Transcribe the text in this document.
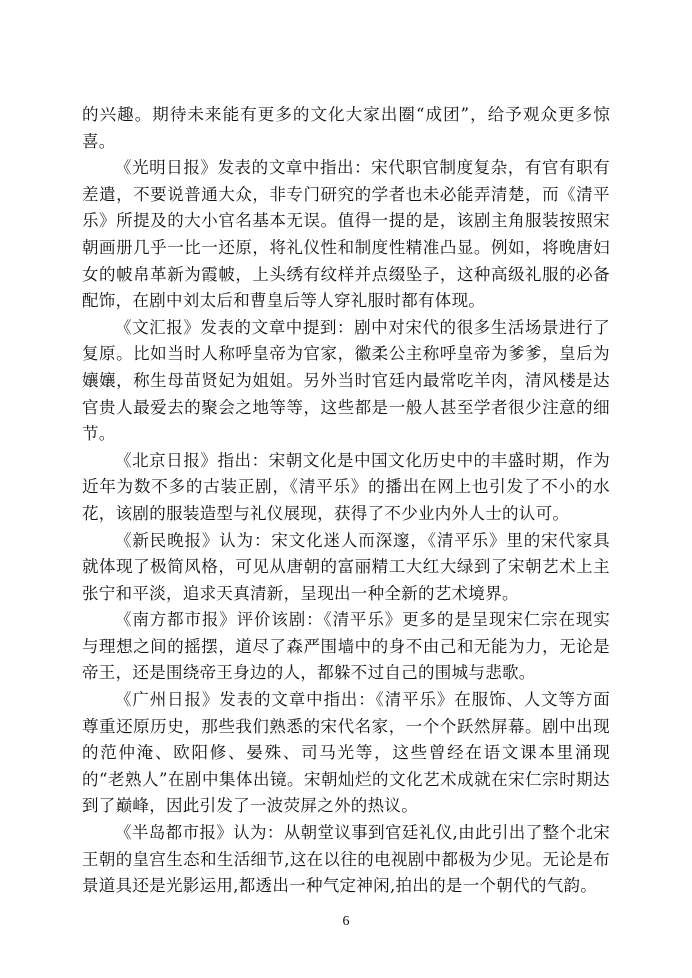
的兴趣。期待未来能有更多的文化大家出圈“成团”，给予观众更多惊喜。

《光明日报》发表的文章中指出：宋代职官制度复杂，有官有职有差遣，不要说普通大众，非专门研究的学者也未必能弄清楚，而《清平乐》所提及的大小官名基本无误。值得一提的是，该剧主角服装按照宋朝画册几乎一比一还原，将礼仪性和制度性精准凸显。例如，将晚唐妇女的帔帛革新为霞帔，上头绣有纹样并点缀坠子，这种高级礼服的必备配饰，在剧中刘太后和曹皇后等人穿礼服时都有体现。

《文汇报》发表的文章中提到：剧中对宋代的很多生活场景进行了复原。比如当时人称呼皇帝为官家，徽柔公主称呼皇帝为爹爹，皇后为孃孃，称生母苗贤妃为姐姐。另外当时官廷内最常吃羊肉，清风楼是达官贵人最爱去的聚会之地等等，这些都是一般人甚至学者很少注意的细节。

《北京日报》指出：宋朝文化是中国文化历史中的丰盛时期，作为近年为数不多的古装正剧，《清平乐》的播出在网上也引发了不小的水花，该剧的服装造型与礼仪展现，获得了不少业内外人士的认可。

《新民晚报》认为：宋文化迷人而深邃，《清平乐》里的宋代家具就体现了极简风格，可见从唐朝的富丽精工大红大绿到了宋朝艺术上主张宁和平淡，追求天真清新，呈现出一种全新的艺术境界。

《南方都市报》评价该剧：《清平乐》更多的是呈现宋仁宗在现实与理想之间的摇摆，道尽了森严围墙中的身不由己和无能为力，无论是帝王，还是围绕帝王身边的人，都躲不过自己的围城与悲歌。

《广州日报》发表的文章中指出：《清平乐》在服饰、人文等方面尊重还原历史，那些我们熟悉的宋代名家，一个个跃然屏幕。剧中出现的范仲淹、欧阳修、晏殊、司马光等，这些曾经在语文课本里涌现的“老熟人”在剧中集体出镜。宋朝灿烂的文化艺术成就在宋仁宗时期达到了巅峰，因此引发了一波荧屏之外的热议。

《半岛都市报》认为：从朝堂议事到官廷礼仪,由此引出了整个北宋王朝的皇宫生态和生活细节,这在以往的电视剧中都极为少见。无论是布景道具还是光影运用,都透出一种气定神闲,拍出的是一个朝代的气韵。

6
